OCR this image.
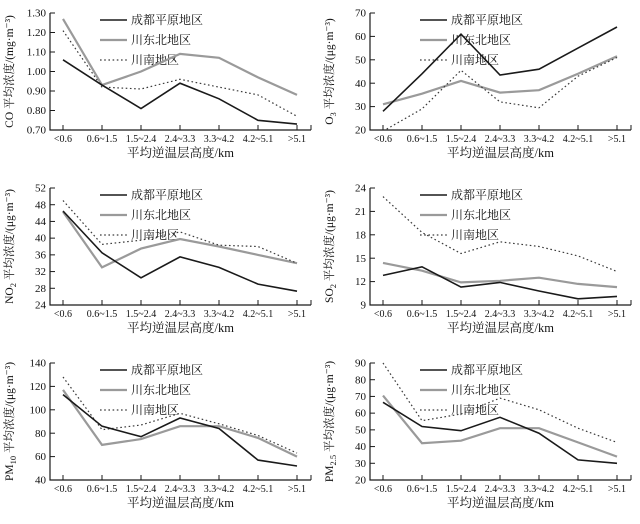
0.70
0.80
0.90
1.00
1.10
1.20
1.30
<0.6 0.6~1.5 1.5~2.4 2.4~3.3 3.3~4.2 4.2~5.1 >5.1
平均逆温层高度/km
CO 平均浓度/(mg·m⁻³)	成都平原地区
川东北地区
川南地区
20
30
40
50
60
70
<0.6 0.6~1.5 1.5~2.4 2.4~3.3 3.3~4.2 4.2~5.1 >5.1
平均逆温层高度/km
$O_3$ 平均浓度/(μg·m⁻³)	成都平原地区
川东北地区
川南地区
24
28
32
36
40
44
48
52
<0.6 0.6~1.5 1.5~2.4 2.4~3.3 3.3~4.2 4.2~5.1 >5.1
平均逆温层高度/km
$NO_2$ 平均浓度/(μg·m⁻³)	成都平原地区
川东北地区
川南地区
9
12
15
18
21
24
<0.6 0.6~1.5 1.5~2.4 2.4~3.3 3.3~4.2 4.2~5.1 >5.1
平均逆温层高度/km
$SO_2$ 平均浓度/(μg·m⁻³)	成都平原地区
川东北地区
川南地区
40
60
80
100
120
140
<0.6 0.6~1.5 1.5~2.4 2.4~3.3 3.3~4.2 4.2~5.1 >5.1
平均逆温层高度/km
$PM_{10}$ 平均浓度/(μg·m⁻³)	成都平原地区
川东北地区
川南地区
20
30
40
50
60
70
80
90
<0.6 0.6~1.5 1.5~2.4 2.4~3.3 3.3~4.2 4.2~5.1 >5.1
平均逆温层高度/km
$PM_{2.5}$ 平均浓度/(μg·m⁻³)	成都平原地区
川东北地区
川南地区
